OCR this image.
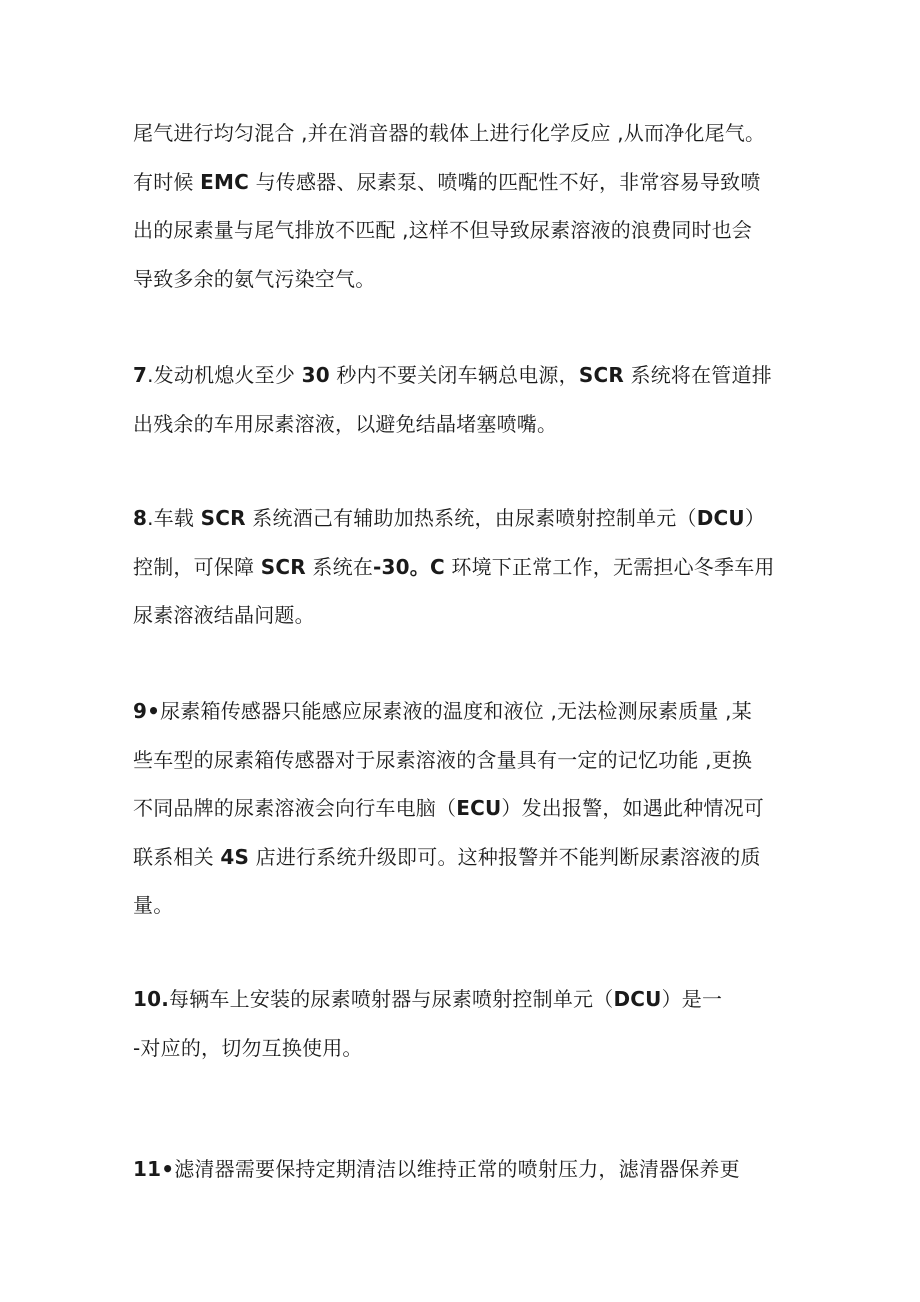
尾气进行均匀混合 ,并在消音器的载体上进行化学反应 ,从而净化尾气。
有时候 EMC 与传感器、尿素泵、喷嘴的匹配性不好，非常容易导致喷
出的尿素量与尾气排放不匹配 ,这样不但导致尿素溶液的浪费同时也会
导致多余的氨气污染空气。

7.发动机熄火至少 30 秒内不要关闭车辆总电源，SCR 系统将在管道排
出残余的车用尿素溶液，以避免结晶堵塞喷嘴。

8.车载 SCR 系统酒己有辅助加热系统，由尿素喷射控制单元（DCU）
控制，可保障 SCR 系统在-30。C 环境下正常工作，无需担心冬季车用
尿素溶液结晶问题。

9•尿素箱传感器只能感应尿素液的温度和液位 ,无法检测尿素质量 ,某
些车型的尿素箱传感器对于尿素溶液的含量具有一定的记忆功能 ,更换
不同品牌的尿素溶液会向行车电脑（ECU）发出报警，如遇此种情况可
联系相关 4S 店进行系统升级即可。这种报警并不能判断尿素溶液的质
量。

10.每辆车上安装的尿素喷射器与尿素喷射控制单元（DCU）是一
-对应的，切勿互换使用。

11•滤清器需要保持定期清洁以维持正常的喷射压力，滤清器保养更
